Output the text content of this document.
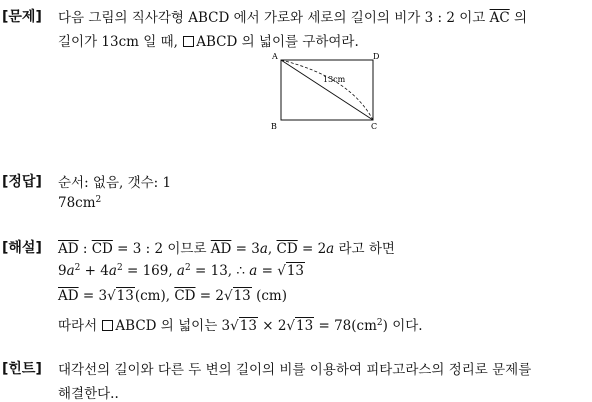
[문제] 다음 그림의 직사각형 ABCD 에서 가로와 세로의 길이의 비가 3 : 2 이고 $\overline{AC}$ 의
길이가 13cm 일 때, ABCD 의 넓이를 구하여라.
A	D
B	C
13cm
[정답] 순서: 없음, 갯수: 1
$78cm^2$
[해설] $\overline{AD}$ : $\overline{CD} = 3$ : 2 이므로 $\overline{AD} = 3a$, $\overline{CD} = 2a$ 라고 하면
$9a^2 + 4a^2 = 169$, $a^2 = 13$, ∴ a = √13
$\overline{AD} = 3√13(cm)$, $\overline{CD} = 2√13$ (cm)
따라서 ABCD 의 넓이는 $3√13 \times 2√13 = 78(cm^2)$ 이다.
[힌트] 대각선의 길이와 다른 두 변의 길이의 비를 이용하여 피타고라스의 정리로 문제를
해결한다..
